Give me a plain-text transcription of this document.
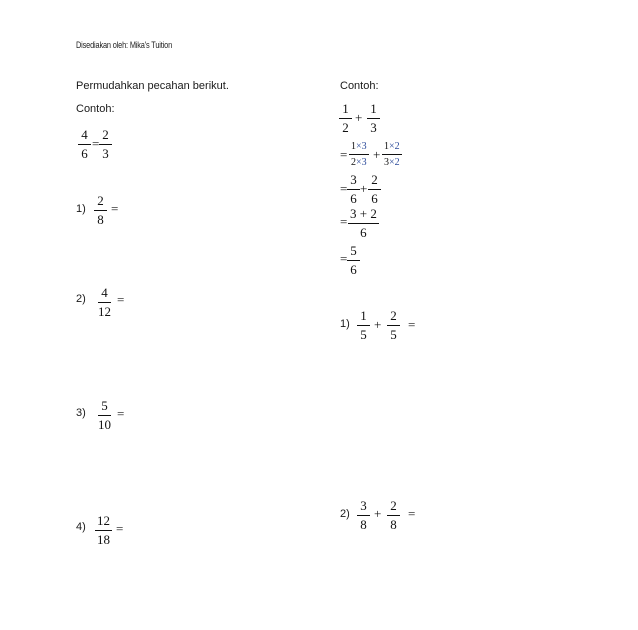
Disediakan oleh: Mika's Tuition
Permudahkan pecahan berikut.
Contoh:
$\frac{4}{6} = \frac{2}{3}$
$1) \frac{2}{8}$ =
$2) \frac{4}{12}$ =
$3) \frac{5}{10}$ =
$4) \frac{12}{18}$ =
Contoh:
$\frac{1}{2} + \frac{1}{3}$
= $\frac{1\times 3}{2\times 3} + \frac{1\times 2}{3\times 2}$
= $\frac{3}{6} + \frac{2}{6}$
= $\frac{3 + 2}{6}$
= $\frac{5}{6}$
$1) \frac{1}{5} + \frac{2}{5}$ =
$2) \frac{3}{8} + \frac{2}{8}$ =
